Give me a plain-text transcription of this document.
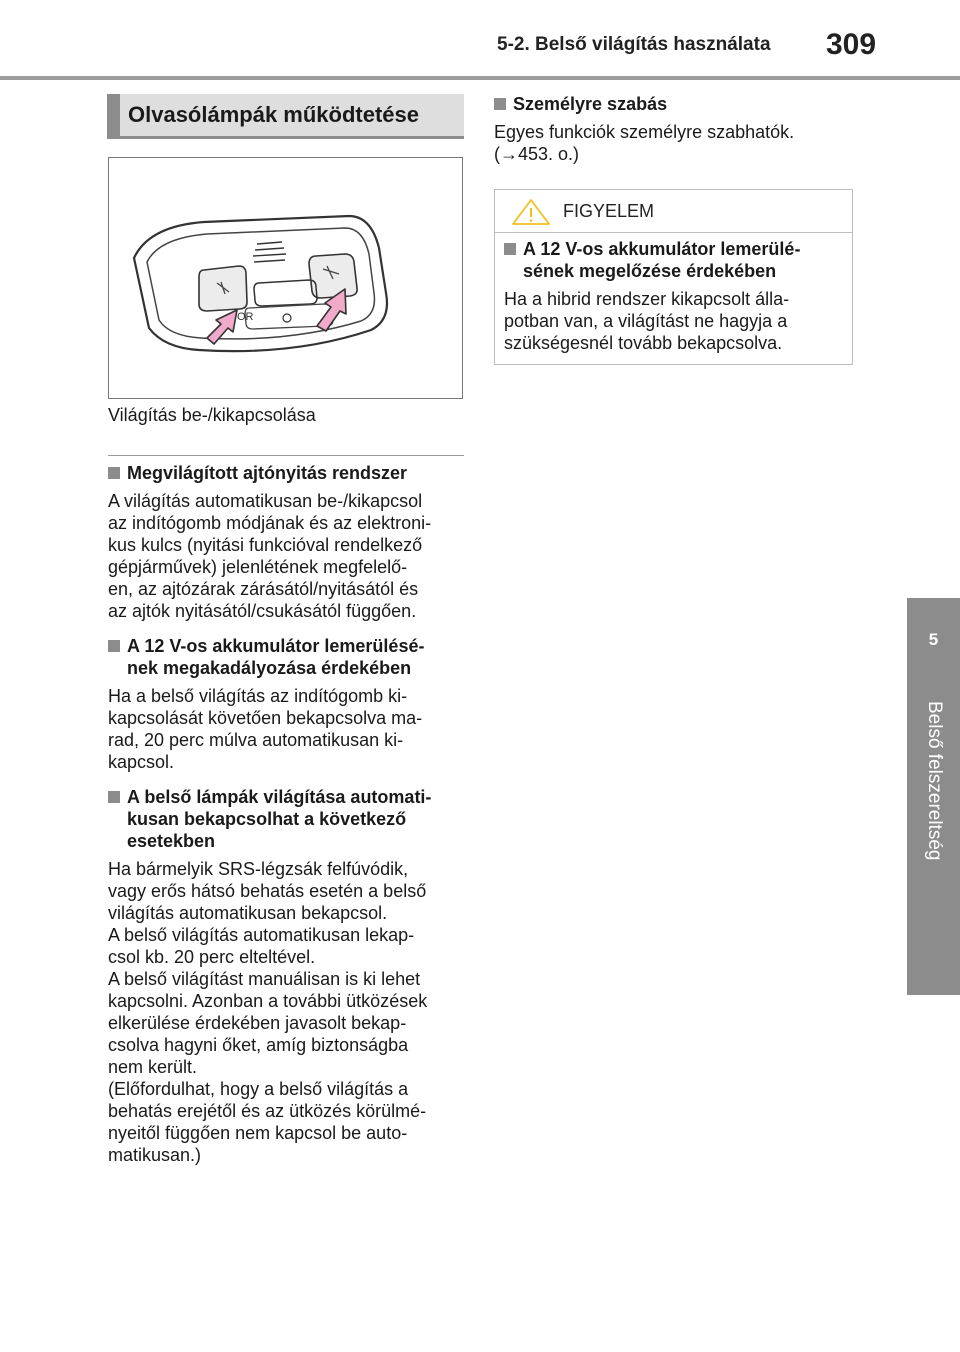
5-2. Belső világítás használata 309
5
Belső felszereltség
Olvasólámpák működtetése
OR
Világítás be-/kikapcsolása
Megvilágított ajtónyitás rendszer
A világítás automatikusan be-/kikapcsol
az indítógomb módjának és az elektroni-
kus kulcs (nyitási funkcióval rendelkező
gépjárművek) jelenlétének megfelelő-
en, az ajtózárak zárásától/nyitásától és
az ajtók nyitásától/csukásától függően.
A 12 V-os akkumulátor lemerülésé-
nek megakadályozása érdekében
Ha a belső világítás az indítógomb ki-
kapcsolását követően bekapcsolva ma-
rad, 20 perc múlva automatikusan ki-
kapcsol.
A belső lámpák világítása automati-
kusan bekapcsolhat a következő
esetekben
Ha bármelyik SRS-légzsák felfúvódik,
vagy erős hátsó behatás esetén a belső
világítás automatikusan bekapcsol.
A belső világítás automatikusan lekap-
csol kb. 20 perc elteltével.
A belső világítást manuálisan is ki lehet
kapcsolni. Azonban a további ütközések
elkerülése érdekében javasolt bekap-
csolva hagyni őket, amíg biztonságba
nem került.
(Előfordulhat, hogy a belső világítás a
behatás erejétől és az ütközés körülmé-
nyeitől függően nem kapcsol be auto-
matikusan.)
Személyre szabás
Egyes funkciók személyre szabhatók.
(→453. o.)
FIGYELEM
A 12 V-os akkumulátor lemerülé-
sének megelőzése érdekében
Ha a hibrid rendszer kikapcsolt álla-
potban van, a világítást ne hagyja a
szükségesnél tovább bekapcsolva.
